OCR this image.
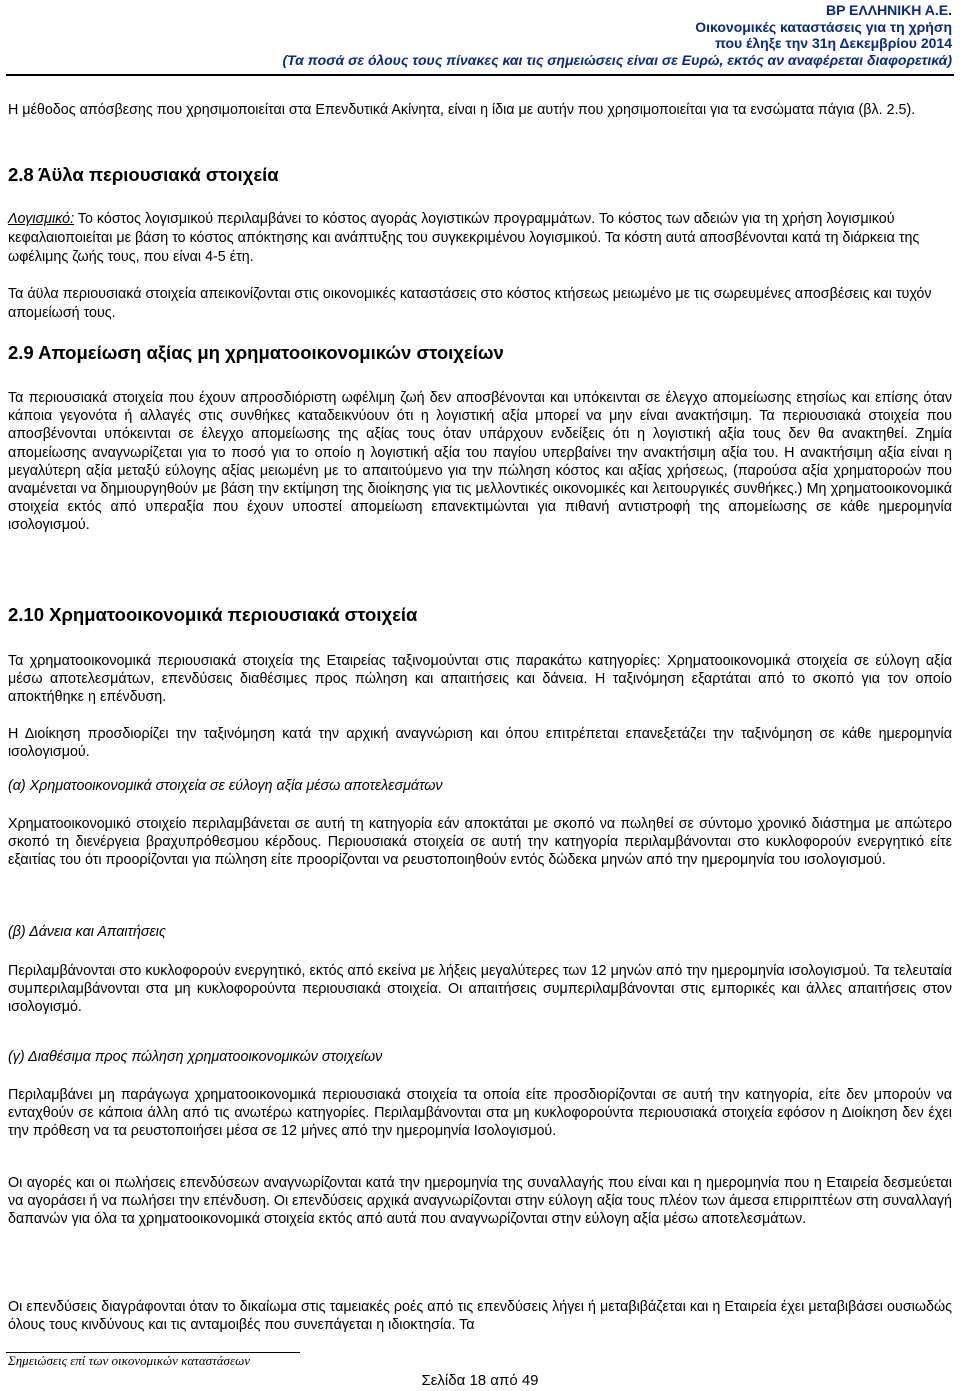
BP ΕΛΛΗΝΙΚΗ Α.Ε.
Οικονομικές καταστάσεις για τη χρήση
που έληξε την 31η Δεκεμβρίου 2014
(Τα ποσά σε όλους τους πίνακες και τις σημειώσεις είναι σε Ευρώ, εκτός αν αναφέρεται διαφορετικά)

Η μέθοδος απόσβεσης που χρησιμοποιείται στα Επενδυτικά Ακίνητα, είναι η ίδια με αυτήν που χρησιμοποιείται για τα ενσώματα πάγια (βλ. 2.5).

2.8 Άϋλα περιουσιακά στοιχεία

Λογισμικό: Το κόστος λογισμικού περιλαμβάνει το κόστος αγοράς λογιστικών προγραμμάτων. Το κόστος των αδειών για τη χρήση λογισμικού κεφαλαιοποιείται με βάση το κόστος απόκτησης και ανάπτυξης του συγκεκριμένου λογισμικού. Τα κόστη αυτά αποσβένονται κατά τη διάρκεια της ωφέλιμης ζωής τους, που είναι 4-5 έτη.

Τα άϋλα περιουσιακά στοιχεία απεικονίζονται στις οικονομικές καταστάσεις στο κόστος κτήσεως μειωμένο με τις σωρευμένες αποσβέσεις και τυχόν απομείωσή τους.

2.9 Απομείωση αξίας μη χρηματοοικονομικών στοιχείων

Τα περιουσιακά στοιχεία που έχουν απροσδιόριστη ωφέλιμη ζωή δεν αποσβένονται και υπόκεινται σε έλεγχο απομείωσης ετησίως και επίσης όταν κάποια γεγονότα ή αλλαγές στις συνθήκες καταδεικνύουν ότι η λογιστική αξία μπορεί να μην είναι ανακτήσιμη. Τα περιουσιακά στοιχεία που αποσβένονται υπόκεινται σε έλεγχο απομείωσης της αξίας τους όταν υπάρχουν ενδείξεις ότι η λογιστική αξία τους δεν θα ανακτηθεί. Ζημία απομείωσης αναγνωρίζεται για το ποσό για το οποίο η λογιστική αξία του παγίου υπερβαίνει την ανακτήσιμη αξία του. Η ανακτήσιμη αξία είναι η μεγαλύτερη αξία μεταξύ εύλογης αξίας μειωμένη με το απαιτούμενο για την πώληση κόστος και αξίας χρήσεως, (παρούσα αξία χρηματοροών που αναμένεται να δημιουργηθούν με βάση την εκτίμηση της διοίκησης για τις μελλοντικές οικονομικές και λειτουργικές συνθήκες.) Μη χρηματοοικονομικά στοιχεία εκτός από υπεραξία που έχουν υποστεί απομείωση επανεκτιμώνται για πιθανή αντιστροφή της απομείωσης σε κάθε ημερομηνία ισολογισμού.

2.10 Χρηματοοικονομικά περιουσιακά στοιχεία

Τα χρηματοοικονομικά περιουσιακά στοιχεία της Εταιρείας ταξινομούνται στις παρακάτω κατηγορίες: Χρηματοοικονομικά στοιχεία σε εύλογη αξία μέσω αποτελεσμάτων, επενδύσεις διαθέσιμες προς πώληση και απαιτήσεις και δάνεια. Η ταξινόμηση εξαρτάται από το σκοπό για τον οποίο αποκτήθηκε η επένδυση.

Η Διοίκηση προσδιορίζει την ταξινόμηση κατά την αρχική αναγνώριση και όπου επιτρέπεται επανεξετάζει την ταξινόμηση σε κάθε ημερομηνία ισολογισμού.

(α) Χρηματοοικονομικά στοιχεία σε εύλογη αξία μέσω αποτελεσμάτων

Χρηματοοικονομικό στοιχείο περιλαμβάνεται σε αυτή τη κατηγορία εάν αποκτάται με σκοπό να πωληθεί σε σύντομο χρονικό διάστημα με απώτερο σκοπό τη διενέργεια βραχυπρόθεσμου κέρδους. Περιουσιακά στοιχεία σε αυτή την κατηγορία περιλαμβάνονται στο κυκλοφορούν ενεργητικό είτε εξαιτίας του ότι προορίζονται για πώληση είτε προορίζονται να ρευστοποιηθούν εντός δώδεκα μηνών από την ημερομηνία του ισολογισμού.

(β) Δάνεια και Απαιτήσεις

Περιλαμβάνονται στο κυκλοφορούν ενεργητικό, εκτός από εκείνα με λήξεις μεγαλύτερες των 12 μηνών από την ημερομηνία ισολογισμού. Τα τελευταία συμπεριλαμβάνονται στα μη κυκλοφορούντα περιουσιακά στοιχεία. Οι απαιτήσεις συμπεριλαμβάνονται στις εμπορικές και άλλες απαιτήσεις στον ισολογισμό.

(γ) Διαθέσιμα προς πώληση χρηματοοικονομικών στοιχείων

Περιλαμβάνει μη παράγωγα χρηματοοικονομικά περιουσιακά στοιχεία τα οποία είτε προσδιορίζονται σε αυτή την κατηγορία, είτε δεν μπορούν να ενταχθούν σε κάποια άλλη από τις ανωτέρω κατηγορίες. Περιλαμβάνονται στα μη κυκλοφορούντα περιουσιακά στοιχεία εφόσον η Διοίκηση δεν έχει την πρόθεση να τα ρευστοποιήσει μέσα σε 12 μήνες από την ημερομηνία Ισολογισμού.

Οι αγορές και οι πωλήσεις επενδύσεων αναγνωρίζονται κατά την ημερομηνία της συναλλαγής που είναι και η ημερομηνία που η Εταιρεία δεσμεύεται να αγοράσει ή να πωλήσει την επένδυση. Οι επενδύσεις αρχικά αναγνωρίζονται στην εύλογη αξία τους πλέον των άμεσα επιρριπτέων στη συναλλαγή δαπανών για όλα τα χρηματοοικονομικά στοιχεία εκτός από αυτά που αναγνωρίζονται στην εύλογη αξία μέσω αποτελεσμάτων.

Οι επενδύσεις διαγράφονται όταν το δικαίωμα στις ταμειακές ροές από τις επενδύσεις λήγει ή μεταβιβάζεται και η Εταιρεία έχει μεταβιβάσει ουσιωδώς όλους τους κινδύνους και τις ανταμοιβές που συνεπάγεται η ιδιοκτησία. Τα

Σημειώσεις επί των οικονομικών καταστάσεων
Σελίδα 18 από 49
